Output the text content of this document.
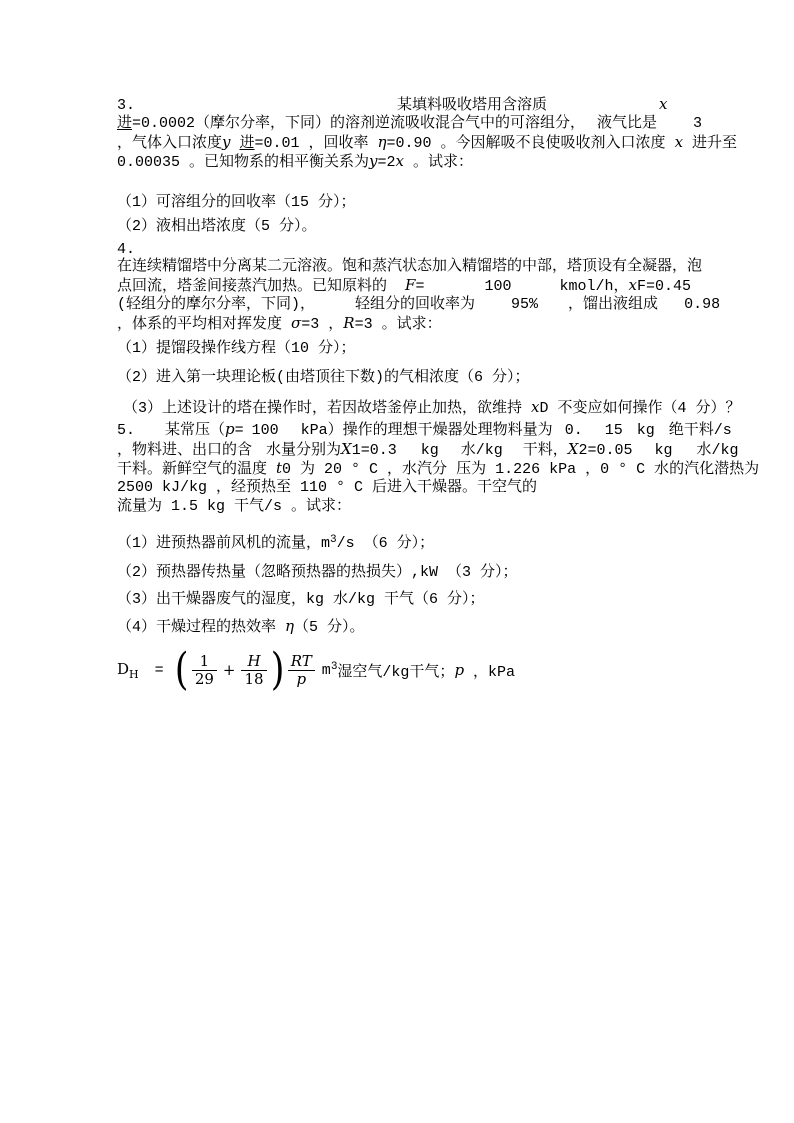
3.	某填料吸收塔用含溶质	x
进=0.0002（摩尔分率，下同）的溶剂逆流吸收混合气中的可溶组分， 液气比是 3
，气体入口浓度y 进=0.01 ，回收率 η=0.90 。今因解吸不良使吸收剂入口浓度 x 进升至
0.00035 。已知物系的相平衡关系为y=2x 。试求：
（1）可溶组分的回收率（15 分）；
（2）液相出塔浓度（5 分）。
4.
在连续精馏塔中分离某二元溶液。饱和蒸汽状态加入精馏塔的中部，塔顶设有全凝器，泡
点回流，塔釜间接蒸汽加热。已知原料的 F=	100	kmol/h，xF=0.45
(轻组分的摩尔分率，下同)，	轻组分的回收率为 95% ，馏出液组成 0.98
，体系的平均相对挥发度 σ=3 ，R=3 。试求：
（1）提馏段操作线方程（10 分）；
（2）进入第一块理论板(由塔顶往下数)的气相浓度（6 分）；
（3）上述设计的塔在操作时，若因故塔釜停止加热，欲维持 xD 不变应如何操作（4 分）？
5. 某常压（p= 100 kPa）操作的理想干燥器处理物料量为 0. 15 kg 绝干料/s
，物料进、出口的含 水量分别为X1=0.3 kg 水/kg 干料，X2=0.05 kg 水/kg
干料。新鲜空气的温度 t0 为 20 ° C ，水汽分 压为 1.226 kPa ，0 ° C 水的汽化潜热为
2500 kJ/kg ，经预热至 110 ° C 后进入干燥器。干空气的
流量为 1.5 kg 干气/s 。试求：
（1）进预热器前风机的流量，$m^3/s$ （6 分）；
（2）预热器传热量（忽略预热器的热损失）,kW （3 分）；
（3）出干燥器废气的湿度，kg 水/kg 干气（6 分）；
（4）干燥过程的热效率 η（5 分）。
$D_H$ = ( $\frac{1}{29} + \frac{H}{18}$ ) $\frac{RT}{p} m^3$ 湿空气/kg干气； p ，kPa
